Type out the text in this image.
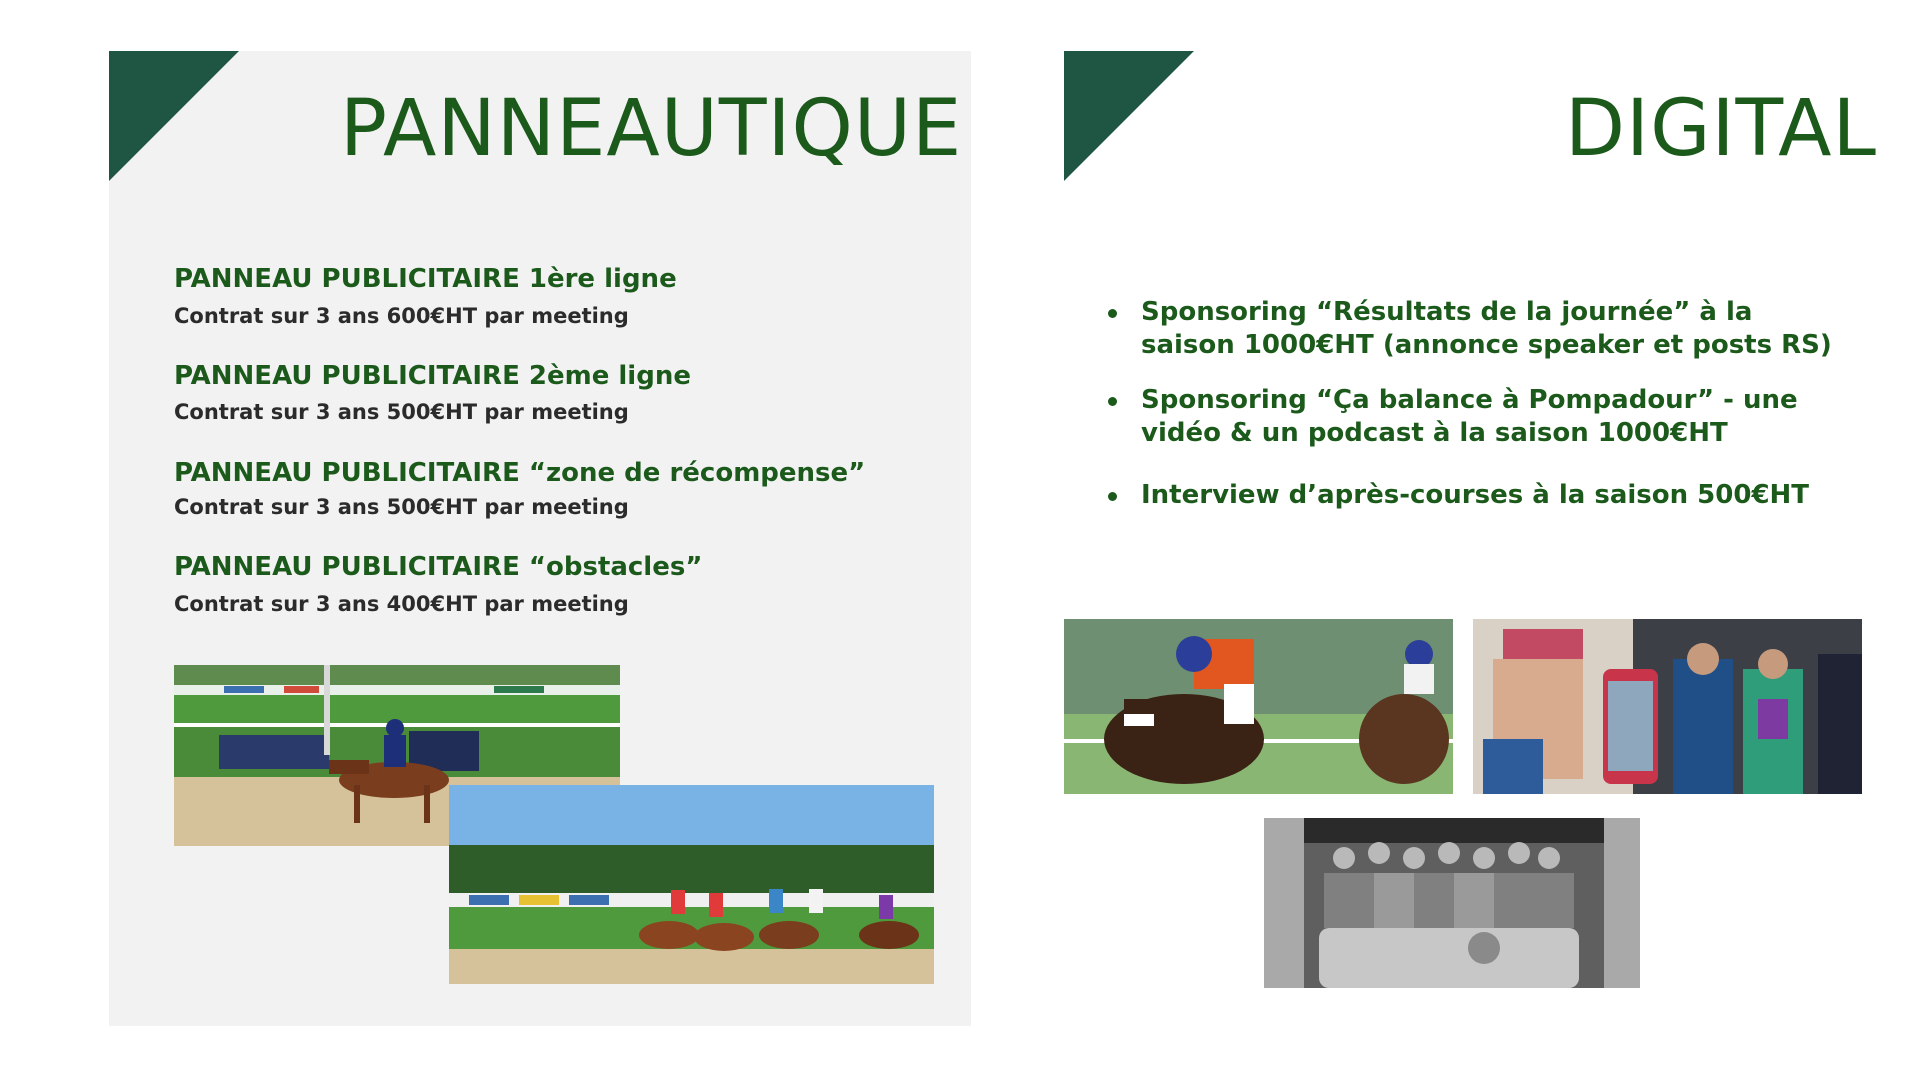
PANNEAUTIQUE
PANNEAU PUBLICITAIRE 1ère ligne
Contrat sur 3 ans 600€HT par meeting
PANNEAU PUBLICITAIRE 2ème ligne
Contrat sur 3 ans 500€HT par meeting
PANNEAU PUBLICITAIRE “zone de récompense”
Contrat sur 3 ans 500€HT par meeting
PANNEAU PUBLICITAIRE “obstacles”
Contrat sur 3 ans 400€HT par meeting
DIGITAL
Sponsoring “Résultats de la journée” à la saison 1000€HT (annonce speaker et posts RS)
Sponsoring “Ça balance à Pompadour” - une vidéo & un podcast à la saison 1000€HT
Interview d’après-courses à la saison 500€HT
